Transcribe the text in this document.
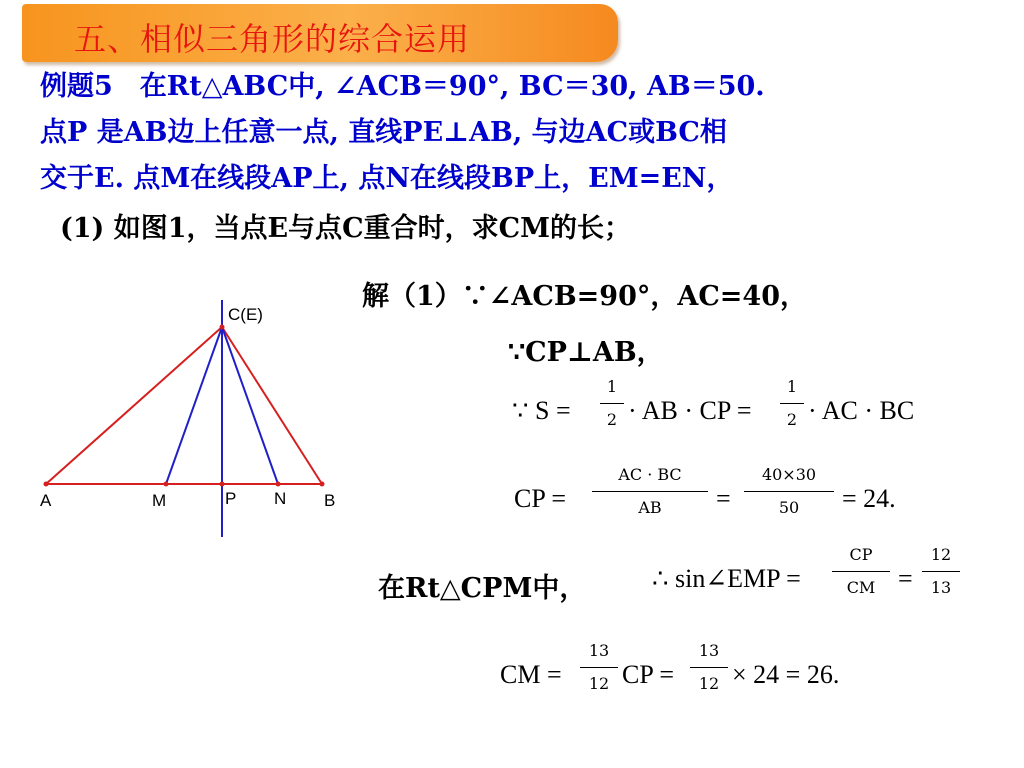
五、相似三角形的综合运用
例题5　在Rt△ABC中, ∠ACB＝90°, BC＝30, AB＝50.
点P 是AB边上任意一点, 直线PE⊥AB, 与边AC或BC相
交于E. 点M在线段AP上, 点N在线段BP上，EM=EN，
(1) 如图1，当点E与点C重合时，求CM的长；
C(E)
A	M	P N B
解（1）∵∠ACB=90°，AC=40，
∵CP⊥AB，
∵ S =
1
2 · AB · CP =
1
2 · AC · BC
CP =
AC · BC
AB	=
40×30
50	= 24.
在Rt△CPM中，	∴ sin∠EMP =
CP
CM =
12
13
CM =
13
12 CP =
13
12 × 24 = 26.
